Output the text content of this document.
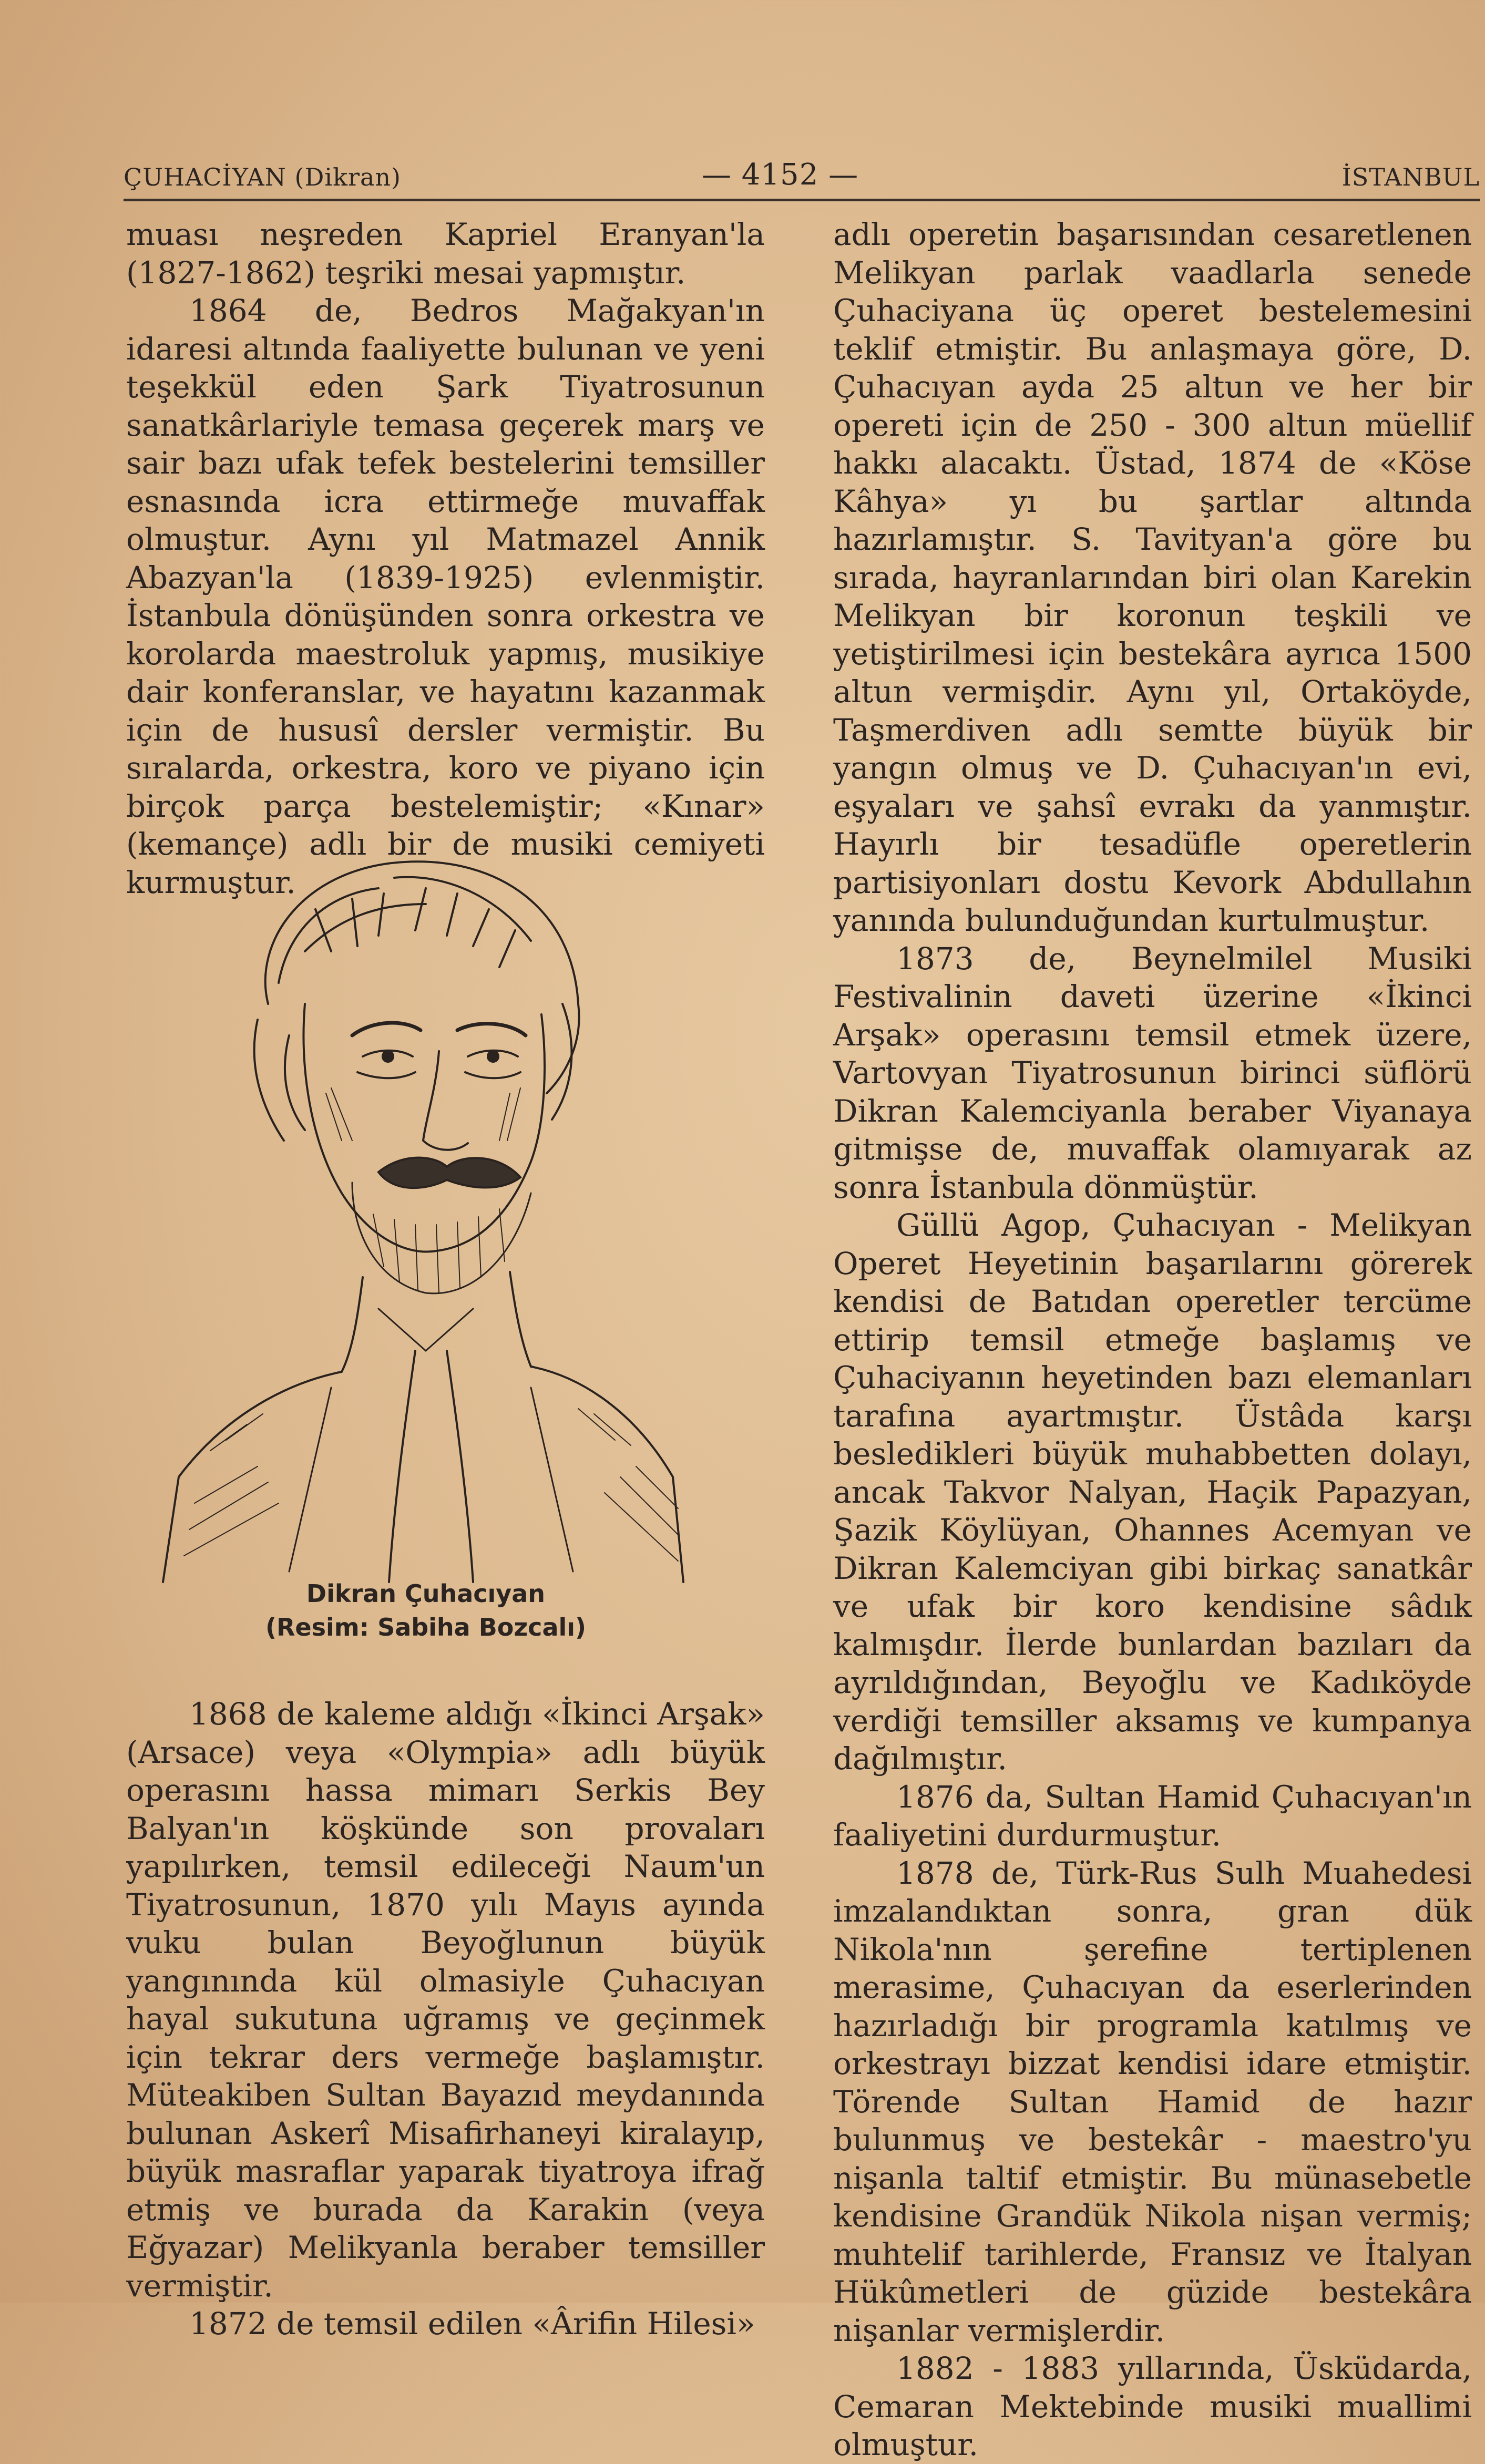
ÇUHACİYAN (Dikran)	— 4152 —	İSTANBUL

muası neşreden Kapriel Eranyan'la (1827-1862) teşriki mesai yapmıştır.

1864 de, Bedros Mağakyan'ın idaresi altında faaliyette bulunan ve yeni teşekkül eden Şark Tiyatrosunun sanatkârlariyle temasa geçerek marş ve sair bazı ufak tefek bestelerini temsiller esnasında icra ettirmeğe muvaffak olmuştur. Aynı yıl Matmazel Annik Abazyan'la (1839-1925) evlenmiştir. İstanbula dönüşünden sonra orkestra ve korolarda maestroluk yapmış, musikiye dair konferanslar, ve hayatını kazanmak için de hususî dersler vermiştir. Bu sıralarda, orkestra, koro ve piyano için birçok parça bestelemiştir; «Kınar» (kemançe) adlı bir de musiki cemiyeti kurmuştur.

Dikran Çuhacıyan
(Resim: Sabiha Bozcalı)

1868 de kaleme aldığı «İkinci Arşak» (Arsace) veya «Olympia» adlı büyük operasını hassa mimarı Serkis Bey Balyan'ın köşkünde son provaları yapılırken, temsil edileceği Naum'un Tiyatrosunun, 1870 yılı Mayıs ayında vuku bulan Beyoğlunun büyük yangınında kül olmasiyle Çuhacıyan hayal sukutuna uğramış ve geçinmek için tekrar ders vermeğe başlamıştır. Müteakiben Sultan Bayazıd meydanında bulunan Askerî Misafirhaneyi kiralayıp, büyük masraflar yaparak tiyatroya ifrağ etmiş ve burada da Karakin (veya Eğyazar) Melikyanla beraber temsiller vermiştir.

1872 de temsil edilen «Ârifin Hilesi»

adlı operetin başarısından cesaretlenen Melikyan parlak vaadlarla senede Çuhaciyana üç operet bestelemesini teklif etmiştir. Bu anlaşmaya göre, D. Çuhacıyan ayda 25 altun ve her bir opereti için de 250 - 300 altun müellif hakkı alacaktı. Üstad, 1874 de «Köse Kâhya» yı bu şartlar altında hazırlamıştır. S. Tavityan'a göre bu sırada, hayranlarından biri olan Karekin Melikyan bir koronun teşkili ve yetiştirilmesi için bestekâra ayrıca 1500 altun vermişdir. Aynı yıl, Ortaköyde, Taşmerdiven adlı semtte büyük bir yangın olmuş ve D. Çuhacıyan'ın evi, eşyaları ve şahsî evrakı da yanmıştır. Hayırlı bir tesadüfle operetlerin partisiyonları dostu Kevork Abdullahın yanında bulunduğundan kurtulmuştur.

1873 de, Beynelmilel Musiki Festivalinin daveti üzerine «İkinci Arşak» operasını temsil etmek üzere, Vartovyan Tiyatrosunun birinci süflörü Dikran Kalemciyanla beraber Viyanaya gitmişse de, muvaffak olamıyarak az sonra İstanbula dönmüştür.

Güllü Agop, Çuhacıyan - Melikyan Operet Heyetinin başarılarını görerek kendisi de Batıdan operetler tercüme ettirip temsil etmeğe başlamış ve Çuhaciyanın heyetinden bazı elemanları tarafına ayartmıştır. Üstâda karşı besledikleri büyük muhabbetten dolayı, ancak Takvor Nalyan, Haçik Papazyan, Şazik Köylüyan, Ohannes Acemyan ve Dikran Kalemciyan gibi birkaç sanatkâr ve ufak bir koro kendisine sâdık kalmışdır. İlerde bunlardan bazıları da ayrıldığından, Beyoğlu ve Kadıköyde verdiği temsiller aksamış ve kumpanya dağılmıştır.

1876 da, Sultan Hamid Çuhacıyan'ın faaliyetini durdurmuştur.

1878 de, Türk-Rus Sulh Muahedesi imzalandıktan sonra, gran dük Nikola'nın şerefine tertiplenen merasime, Çuhacıyan da eserlerinden hazırladığı bir programla katılmış ve orkestrayı bizzat kendisi idare etmiştir. Törende Sultan Hamid de hazır bulunmuş ve bestekâr - maestro'yu nişanla taltif etmiştir. Bu münasebetle kendisine Grandük Nikola nişan vermiş; muhtelif tarihlerde, Fransız ve İtalyan Hükûmetleri de güzide bestekâra nişanlar vermişlerdir.

1882 - 1883 yıllarında, Üsküdarda, Cemaran Mektebinde musiki muallimi olmuştur.
